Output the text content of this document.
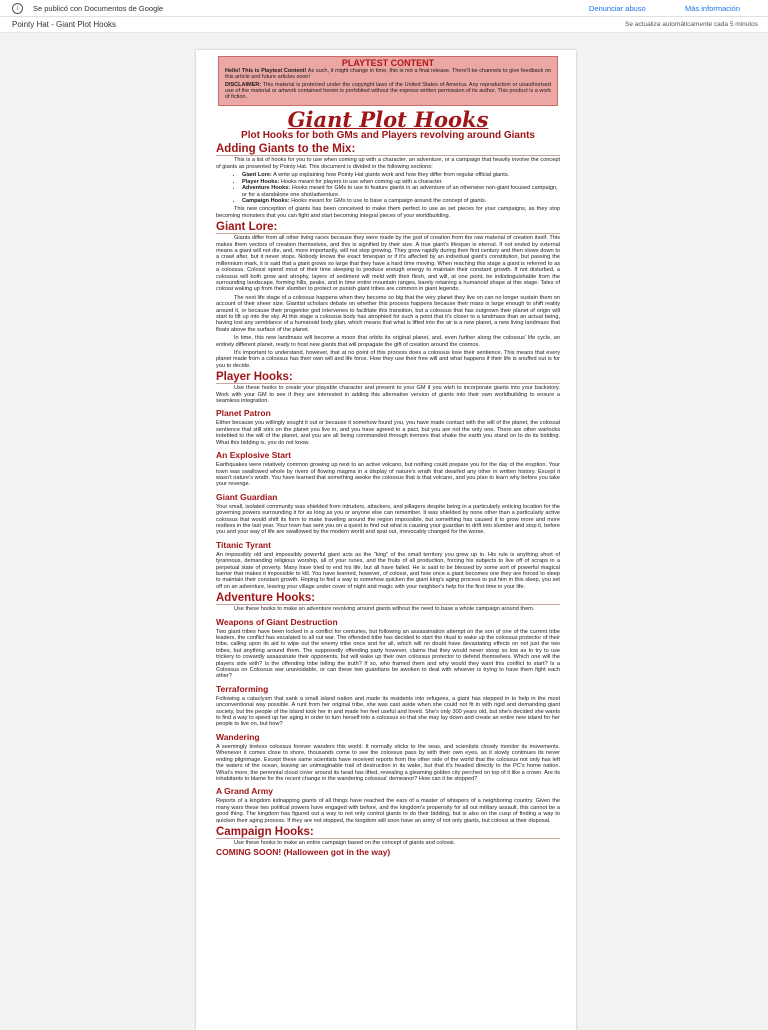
i	Se publicó con Documentos de Google	Denunciar abuso	Más información
Pointy Hat - Giant Plot Hooks	Se actualiza automáticamente cada 5 minutos
PLAYTEST CONTENT

Hello! This is Playtest Content! As such, it might change in time, this is not a final release. There'll be channels to give feedback on this article and future articles soon!

DISCLAIMER: This material is protected under the copyright laws of the United States of America. Any reproduction or unauthorised use of the material or artwork contained herein is prohibited without the express written permission of its author. This product is a work of fiction.

Giant Plot Hooks
Plot Hooks for both GMs and Players revolving around Giants
Adding Giants to the Mix:

This is a list of hooks for you to use when coming up with a character, an adventure, or a campaign that heavily involve the concept of giants as presented by Pointy Hat. This document is divided in the following sections:

• Giant Lore: A write up explaining how Pointy Hat giants work and how they differ from regular official giants.
• Player Hooks: Hooks meant for players to use when coming up with a character.
• Adventure Hooks: Hooks meant for GMs to use to feature giants in an adventure of an otherwise non-giant focused campaign, or for a standalone one shot/adventure.
• Campaign Hooks: Hooks meant for GMs to use to base a campaign around the concept of giants.

This new conception of giants has been conceived to make them perfect to use as set pieces for your campaigns, as they stop becoming monsters that you can fight and start becoming integral pieces of your worldbuilding.

Giant Lore:

Giants differ from all other living races because they were made by the god of creation from the raw material of creation itself. This makes them vectors of creation themselves, and this is signified by their size. A true giant's lifespan is eternal. If not ended by external means a giant will not die, and, more importantly, will not stop growing. They grow rapidly during their first century and then slows down to a crawl after, but it never stops. Nobody knows the exact timespan or if it's affected by an individual giant's constitution, but passing the millennium mark, it is said that a giant grows so large that they have a hard time moving. When reaching this stage a giant is referred to as a colossus. Colossi spend most of their time sleeping to produce enough energy to maintain their constant growth. If not disturbed, a colossus will both grow and atrophy, layers of sediment will meld with their flesh, and will, at one point, be indistinguishable from the surrounding landscape, forming hills, peaks, and in time entire mountain ranges, barely retaining a humanoid shape at this stage. Tales of colossi waking up from their slumber to protect or punish giant tribes are common in giant legends.

The next life stage of a colossus happens when they become so big that the very planet they live on can no longer sustain them on account of their sheer size. Giantist scholars debate on whether this process happens because their mass is large enough to shift reality around it, or because their progenitor god intervenes to facilitate this transition, but a colossus that has outgrown their planet of origin will start to lift up into the sky. At this stage a colossus body has atrophied for such a point that it's closer to a landmass than an actual being, having lost any semblance of a humanoid body plan, which means that what is lifted into the air is a new planet, a new living landmass that floats above the surface of the planet.

In time, this new landmass will become a moon that orbits its original planet, and, even further along the colossus' life cycle, an entirely different planet, ready to host new giants that will propagate the gift of creation around the cosmos.

It's important to understand, however, that at no point of this process does a colossus lose their sentience. This means that every planet made from a colossus has their own will and life force. How they use their free will and what happens if their life is snuffed out is for you to decide.

Player Hooks:

Use these hooks to create your playable character and present to your GM if you wish to incorporate giants into your backstory. Work with your GM to see if they are interested in adding this alternative version of giants into their own worldbuilding to ensure a seamless integration.

Planet Patron

Either because you willingly sought it out or because it somehow found you, you have made contact with the will of the planet, the colossal sentience that still stirs on the planet you live in, and you have agreed to a pact, but you are not the only one. There are other warlocks indebted to the will of the planet, and you are all being commanded through tremors that shake the earth you stand on to do its bidding. What this bidding is, you do not know.

An Explosive Start

Earthquakes were relatively common growing up next to an active volcano, but nothing could prepare you for the day of the eruption. Your town was swallowed whole by rivers of flowing magma in a display of nature's wrath that dwarfed any other in written history. Except it wasn't nature's wrath. You have learned that something awoke the colossus that is that volcano, and you plan to learn why before you take your revenge.

Giant Guardian

Your small, isolated community was shielded from intruders, attackers, and pillagers despite being in a particularly enticing location for the governing powers surrounding it for as long as you or anyone else can remember. It was shielded by none other than a particularly active colossus that would shift its form to make traveling around the region impossible, but something has caused it to grow more and more restless in the last year. Your town has sent you on a quest to find out what is causing your guardian to drift into slumber and stop it, before you and your way of life are swallowed by the modern world and spat out, irrevocably changed for the worse.

Titanic Tyrant

An impossibly old and impossibly powerful giant acts as the "king" of the small territory you grew up in. His rule is anything short of tyrannous, demanding religious worship, all of your runes, and the fruits of all production, forcing his subjects to live off of scraps in a perpetual state of poverty. Many have tried to end his life, but all have failed. He is said to be blessed by some sort of powerful magical barrier that makes it impossible to kill. You have learned, however, of colossi, and how once a giant becomes one they are forced to sleep to maintain their constant growth. Hoping to find a way to somehow quicken the giant king's aging process to put him in this sleep, you set off on an adventure, leaving your village under cover of night and magic with your neighbor's help for the first time in your life.

Adventure Hooks:

Use these hooks to make an adventure revolving around giants without the need to base a whole campaign around them.

Weapons of Giant Destruction

Two giant tribes have been locked in a conflict for centuries, but following an assassination attempt on the son of one of the current tribe leaders, the conflict has escalated to all out war. The offended tribe has decided to start the ritual to wake up the colossus protector of their tribe, calling upon its aid to wipe out the enemy tribe once and for all, which will no doubt have devastating effects on not just the two tribes, but anything around them. The supposedly offending party however, claims that they would never stoop so low as to try to use trickery to cowardly assassinate their opponents, but will wake up their own colossus protector to defend themselves. Which one will the players side with? Is the offending tribe telling the truth? If so, who framed them and why would they want this conflict to start? Is a Colossus on Colossus war unavoidable, or can these two guardians be awoken to deal with whoever is trying to have them fight each other?

Terraforming

Following a cataclysm that sank a small island nation and made its residents into refugees, a giant has stepped in to help in the most unconventional way possible. A runt from her original tribe, she was cast aside when she could not fit in with rigid and demanding giant society, but the people of the island took her in and made her feel useful and loved. She's only 300 years old, but she's decided she wants to find a way to speed up her aging in order to turn herself into a colossus so that she may lay down and create an entire new island for her people to live on, but how?

Wandering

A seemingly tireless colossus forever wanders this world. It normally sticks to the seas, and scientists closely monitor its movements. Whenever it comes close to shore, thousands come to see the colossus pass by with their own eyes, as it slowly continues its never ending pilgrimage. Except these same scientists have received reports from the other side of the world that the colossus not only has left the waters of the ocean, leaving an unimaginable trail of destruction in its wake, but that it's headed directly to the PC's home nation. What's more, the perennial cloud cover around its head has lifted, revealing a gleaming golden city perched on top of it like a crown. Are its inhabitants to blame for the recent change in the wandering colossus' demeanor? How can it be stopped?

A Grand Army

Reports of a kingdom kidnapping giants of all things have reached the ears of a master of whispers of a neighboring country. Given the many wars these two political powers have engaged with before, and the kingdom's propensity for all out military assault, this cannot be a good thing. The kingdom has figured out a way to not only control giants to do their bidding, but is also on the cusp of finding a way to quicken their aging process. If they are not stopped, the kingdom will soon have an army of not only giants, but colossi at their disposal.

Campaign Hooks:

Use these hooks to make an entire campaign based on the concept of giants and colossi.

COMING SOON! (Halloween got in the way)
